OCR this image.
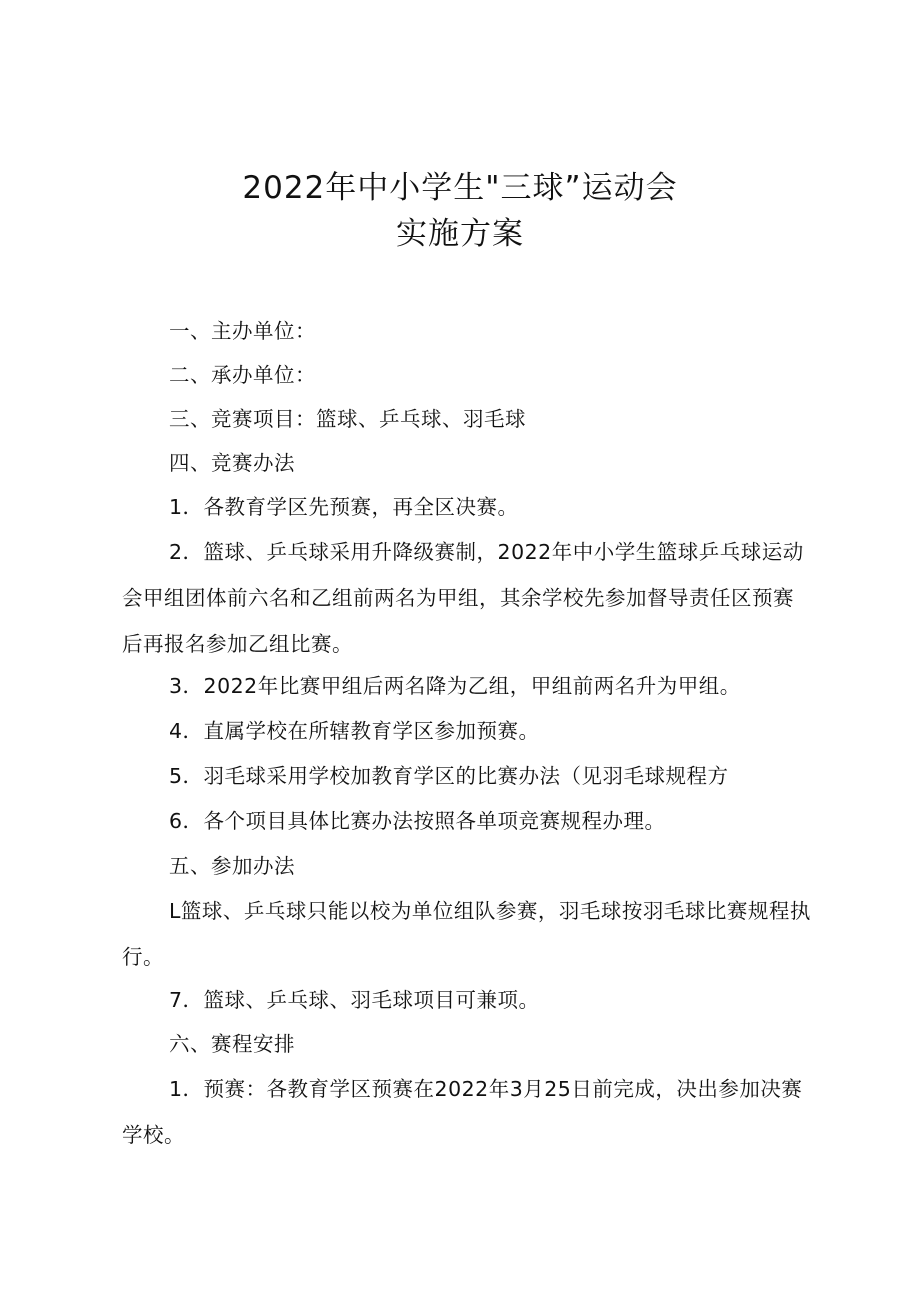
2022年中小学生"三球”运动会
实施方案
一、主办单位：
二、承办单位：
三、竞赛项目：篮球、乒乓球、羽毛球
四、竞赛办法
1．各教育学区先预赛，再全区决赛。
2．篮球、乒乓球采用升降级赛制，2022年中小学生篮球乒乓球运动会甲组团体前六名和乙组前两名为甲组，其余学校先参加督导责任区预赛后再报名参加乙组比赛。
3．2022年比赛甲组后两名降为乙组，甲组前两名升为甲组。
4．直属学校在所辖教育学区参加预赛。
5．羽毛球采用学校加教育学区的比赛办法（见羽毛球规程方
6．各个项目具体比赛办法按照各单项竞赛规程办理。
五、参加办法
L篮球、乒乓球只能以校为单位组队参赛，羽毛球按羽毛球比赛规程执行。
7．篮球、乒乓球、羽毛球项目可兼项。
六、赛程安排
1．预赛：各教育学区预赛在2022年3月25日前完成，决出参加决赛学校。
